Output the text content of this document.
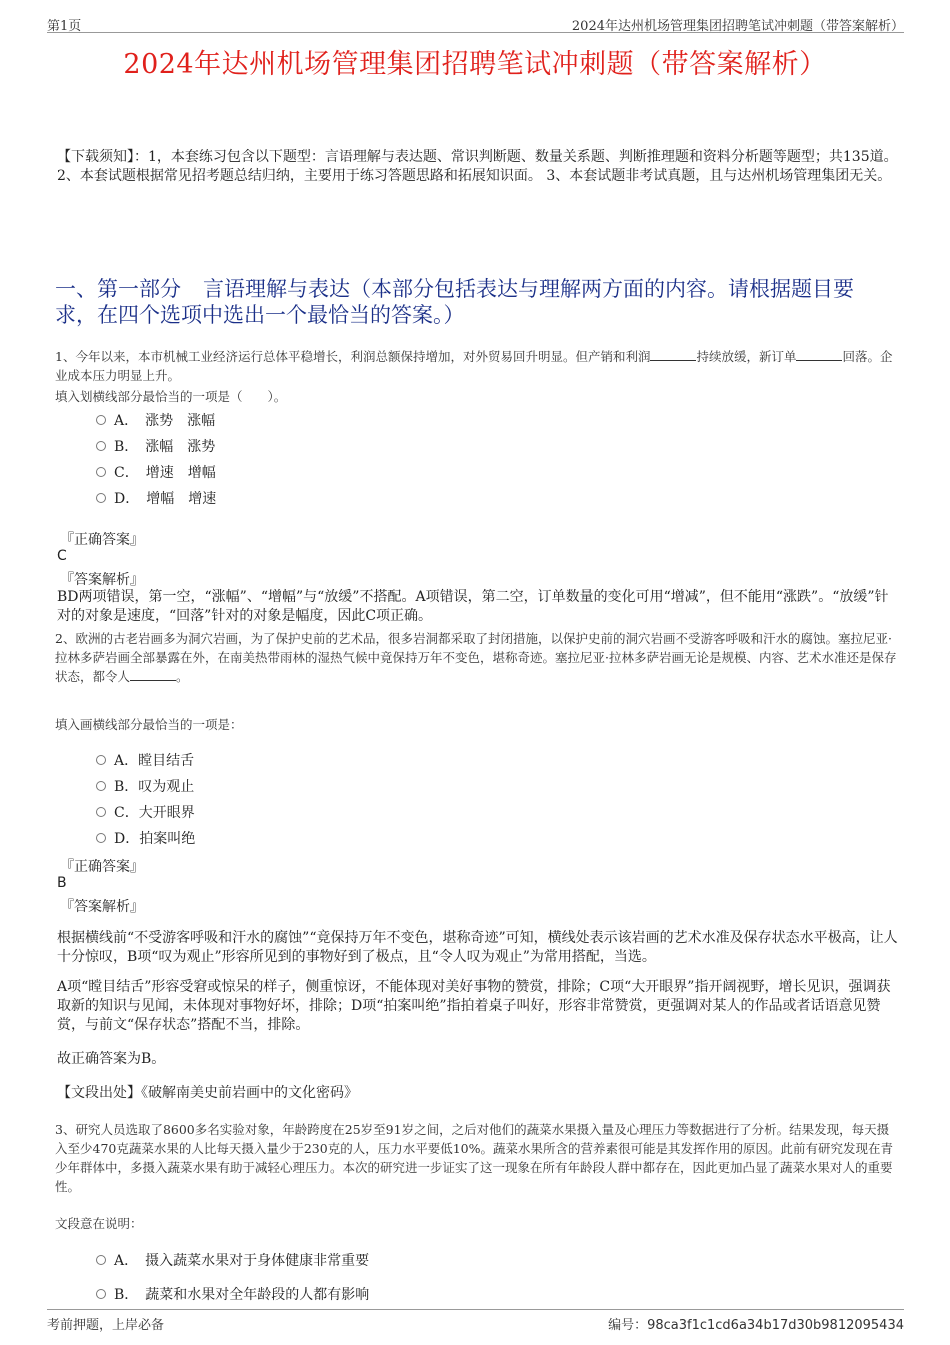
第1页	2024年达州机场管理集团招聘笔试冲刺题（带答案解析）
2024年达州机场管理集团招聘笔试冲刺题（带答案解析）
【下载须知】：1，本套练习包含以下题型：言语理解与表达题、常识判断题、数量关系题、判断推理题和资料分析题等题型；共135道。 2、本套试题根据常见招考题总结归纳，主要用于练习答题思路和拓展知识面。 3、本套试题非考试真题，且与达州机场管理集团无关。
一、第一部分 言语理解与表达（本部分包括表达与理解两方面的内容。请根据题目要求，在四个选项中选出一个最恰当的答案。）
1、今年以来，本市机械工业经济运行总体平稳增长，利润总额保持增加，对外贸易回升明显。但产销和利润	持续放缓，新订单	回落。企业成本压力明显上升。
填入划横线部分最恰当的一项是（　　）。
A．　涨势　涨幅
B．　涨幅　涨势
C．　增速　增幅
D．　增幅　增速
『正确答案』
C
『答案解析』
BD两项错误，第一空，“涨幅”、“增幅”与“放缓”不搭配。A项错误，第二空，订单数量的变化可用“增减”，但不能用“涨跌”。“放缓”针对的对象是速度，“回落”针对的对象是幅度，因此C项正确。
2、欧洲的古老岩画多为洞穴岩画，为了保护史前的艺术品，很多岩洞都采取了封闭措施，以保护史前的洞穴岩画不受游客呼吸和汗水的腐蚀。塞拉尼亚·拉林多萨岩画全部暴露在外，在南美热带雨林的湿热气候中竟保持万年不变色，堪称奇迹。塞拉尼亚·拉林多萨岩画无论是规模、内容、艺术水准还是保存状态，都令人	。
填入画横线部分最恰当的一项是：
A．瞠目结舌
B．叹为观止
C．大开眼界
D．拍案叫绝
『正确答案』
B
『答案解析』
根据横线前“不受游客呼吸和汗水的腐蚀”“竟保持万年不变色，堪称奇迹”可知，横线处表示该岩画的艺术水准及保存状态水平极高，让人十分惊叹，B项“叹为观止”形容所见到的事物好到了极点，且“令人叹为观止”为常用搭配，当选。
A项“瞠目结舌”形容受窘或惊呆的样子，侧重惊讶，不能体现对美好事物的赞赏，排除；C项“大开眼界”指开阔视野，增长见识，强调获取新的知识与见闻，未体现对事物好坏，排除；D项“拍案叫绝”指拍着桌子叫好，形容非常赞赏，更强调对某人的作品或者话语意见赞赏，与前文“保存状态”搭配不当，排除。
故正确答案为B。
【文段出处】《破解南美史前岩画中的文化密码》
3、研究人员选取了8600多名实验对象，年龄跨度在25岁至91岁之间，之后对他们的蔬菜水果摄入量及心理压力等数据进行了分析。结果发现，每天摄入至少470克蔬菜水果的人比每天摄入量少于230克的人，压力水平要低10%。蔬菜水果所含的营养素很可能是其发挥作用的原因。此前有研究发现在青少年群体中，多摄入蔬菜水果有助于减轻心理压力。本次的研究进一步证实了这一现象在所有年龄段人群中都存在，因此更加凸显了蔬菜水果对人的重要性。
文段意在说明：
A．　摄入蔬菜水果对于身体健康非常重要
B．　蔬菜和水果对全年龄段的人都有影响
考前押题，上岸必备	编号：98ca3f1c1cd6a34b17d30b9812095434
